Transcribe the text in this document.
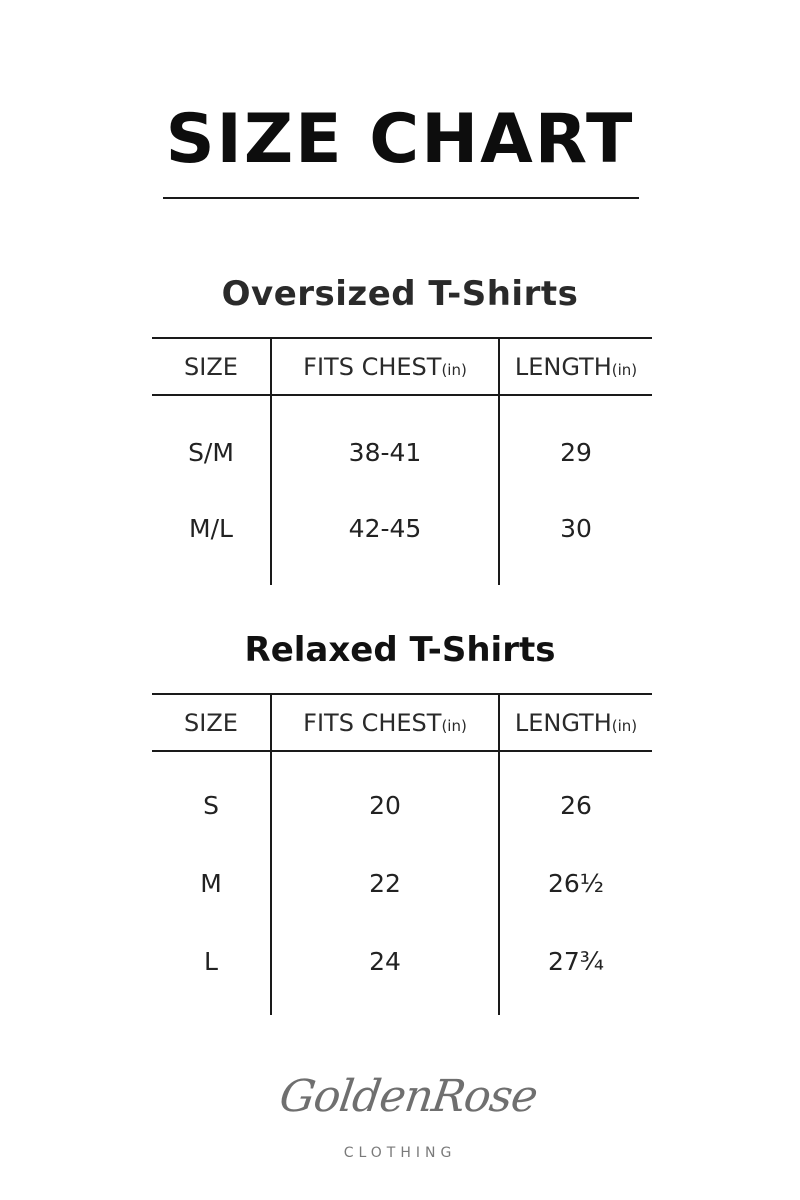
SIZE CHART
Oversized T-Shirts
SIZE	FITS CHEST(in)	LENGTH(in)

S/M	38-41	29
M/L	42-45	30

Relaxed T-Shirts
SIZE	FITS CHEST(in)	LENGTH(in)

S	20	26
M	22	26½
L	24	27¾

GoldenRose
CLOTHING
